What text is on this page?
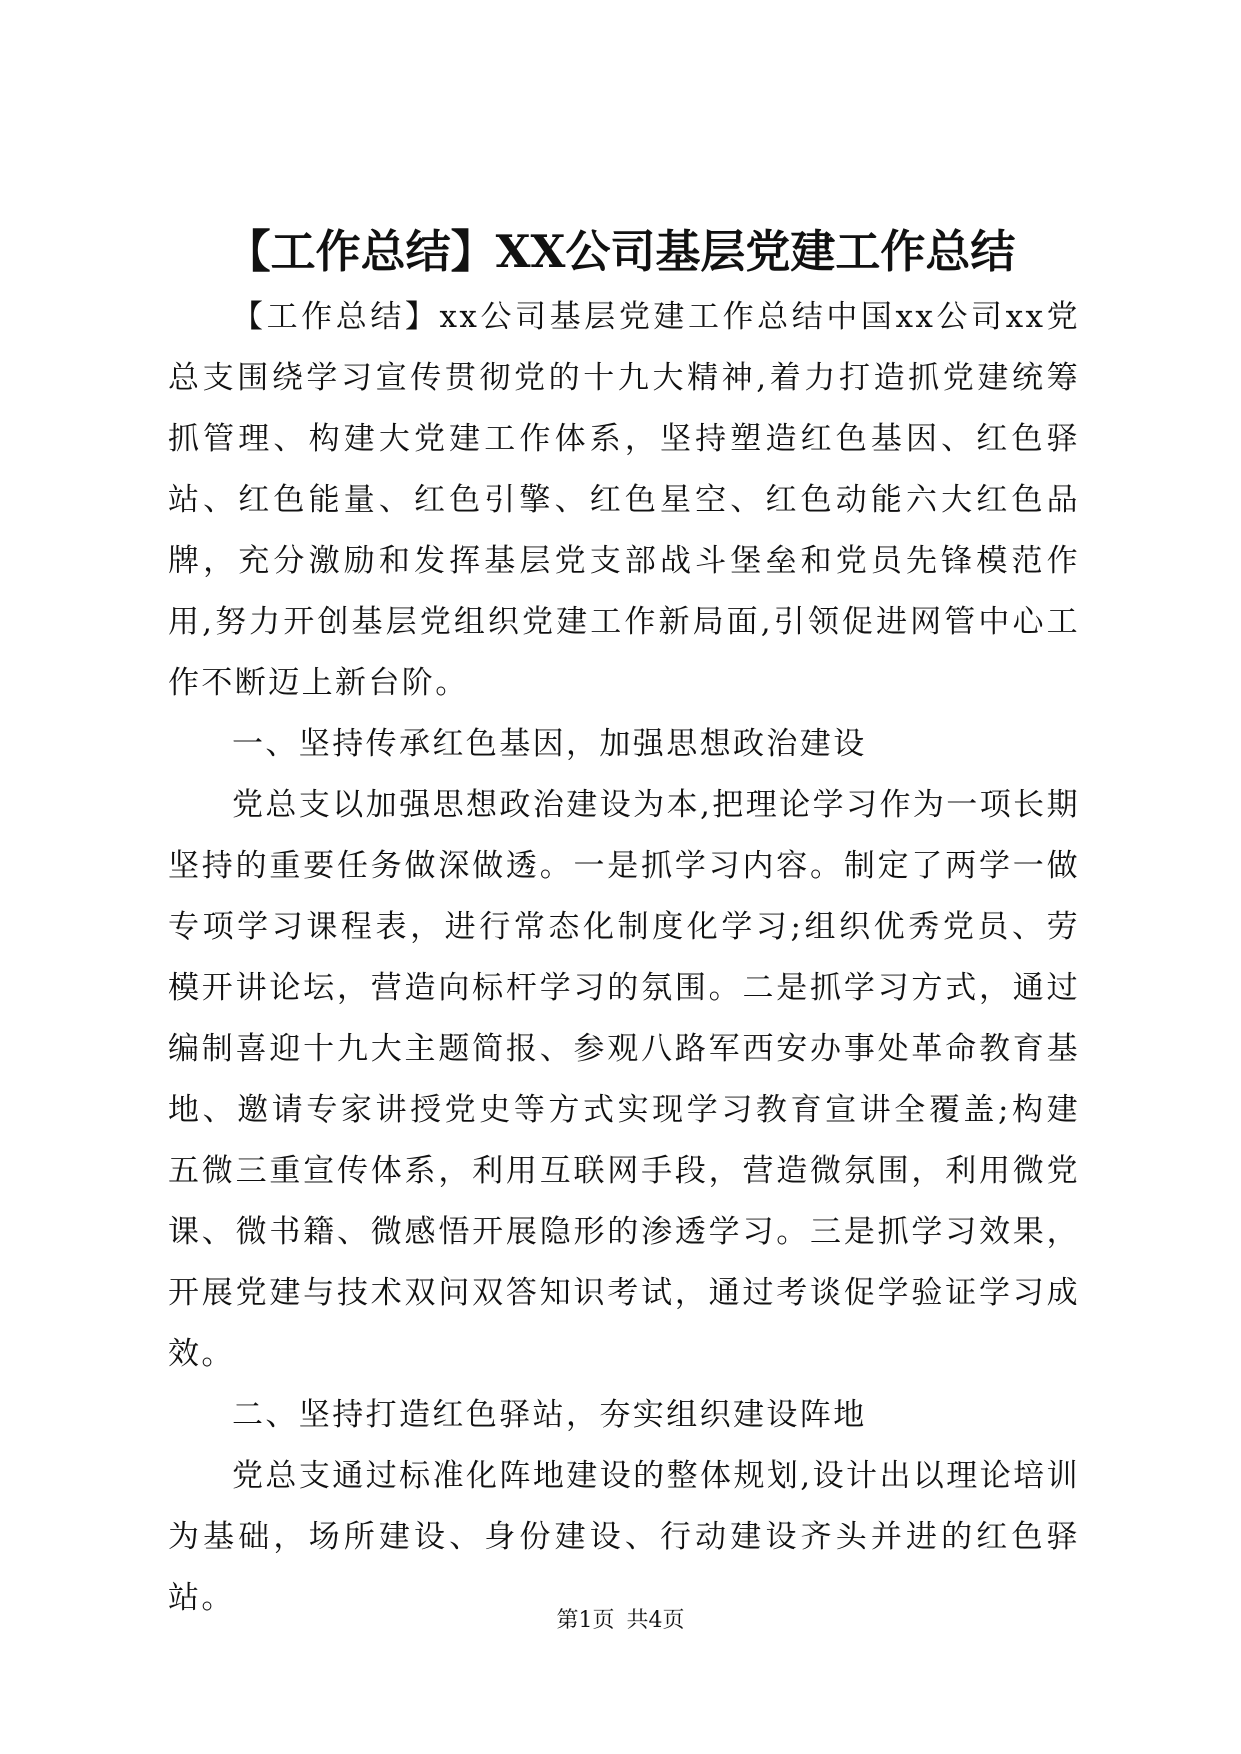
【工作总结】XX公司基层党建工作总结

【工作总结】xx公司基层党建工作总结中国xx公司xx党总支围绕学习宣传贯彻党的十九大精神,着力打造抓党建统筹抓管理、构建大党建工作体系，坚持塑造红色基因、红色驿站、红色能量、红色引擎、红色星空、红色动能六大红色品牌，充分激励和发挥基层党支部战斗堡垒和党员先锋模范作用,努力开创基层党组织党建工作新局面,引领促进网管中心工作不断迈上新台阶。

一、坚持传承红色基因，加强思想政治建设

党总支以加强思想政治建设为本,把理论学习作为一项长期坚持的重要任务做深做透。一是抓学习内容。制定了两学一做专项学习课程表，进行常态化制度化学习;组织优秀党员、劳模开讲论坛，营造向标杆学习的氛围。二是抓学习方式，通过编制喜迎十九大主题简报、参观八路军西安办事处革命教育基地、邀请专家讲授党史等方式实现学习教育宣讲全覆盖;构建五微三重宣传体系，利用互联网手段，营造微氛围，利用微党课、微书籍、微感悟开展隐形的渗透学习。三是抓学习效果，开展党建与技术双问双答知识考试，通过考谈促学验证学习成效。

二、坚持打造红色驿站，夯实组织建设阵地

党总支通过标准化阵地建设的整体规划,设计出以理论培训为基础，场所建设、身份建设、行动建设齐头并进的红色驿站。

第1页 共4页
